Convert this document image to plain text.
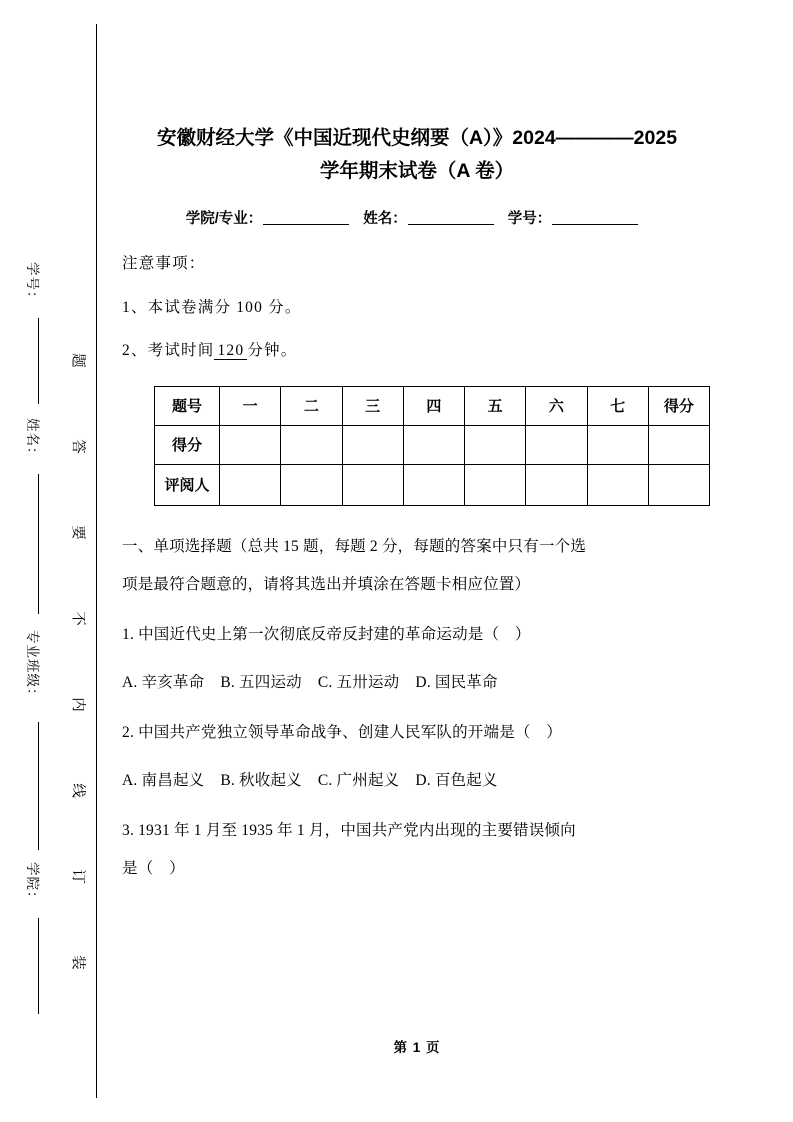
学号：
姓名：
专业班级：
学院：
题
答
要
不
内
线
订
装
安徽财经大学《中国近现代史纲要（A）》2024————2025
学年期末试卷（A 卷）
学院/专业：	姓名：	学号：

注意事项：

1、本试卷满分 100 分。

2、考试时间 120 分钟。

题号	一	二	三	四	五	六	七	得分
得分								
评阅人								
一、单项选择题（总共 15 题，每题 2 分，每题的答案中只有一个选
项是最符合题意的，请将其选出并填涂在答题卡相应位置）
1. 中国近代史上第一次彻底反帝反封建的革命运动是（　）
A. 辛亥革命 B. 五四运动 C. 五卅运动 D. 国民革命
2. 中国共产党独立领导革命战争、创建人民军队的开端是（　）
A. 南昌起义 B. 秋收起义 C. 广州起义 D. 百色起义
3. 1931 年 1 月至 1935 年 1 月，中国共产党内出现的主要错误倾向
是（　）
第 1 页
